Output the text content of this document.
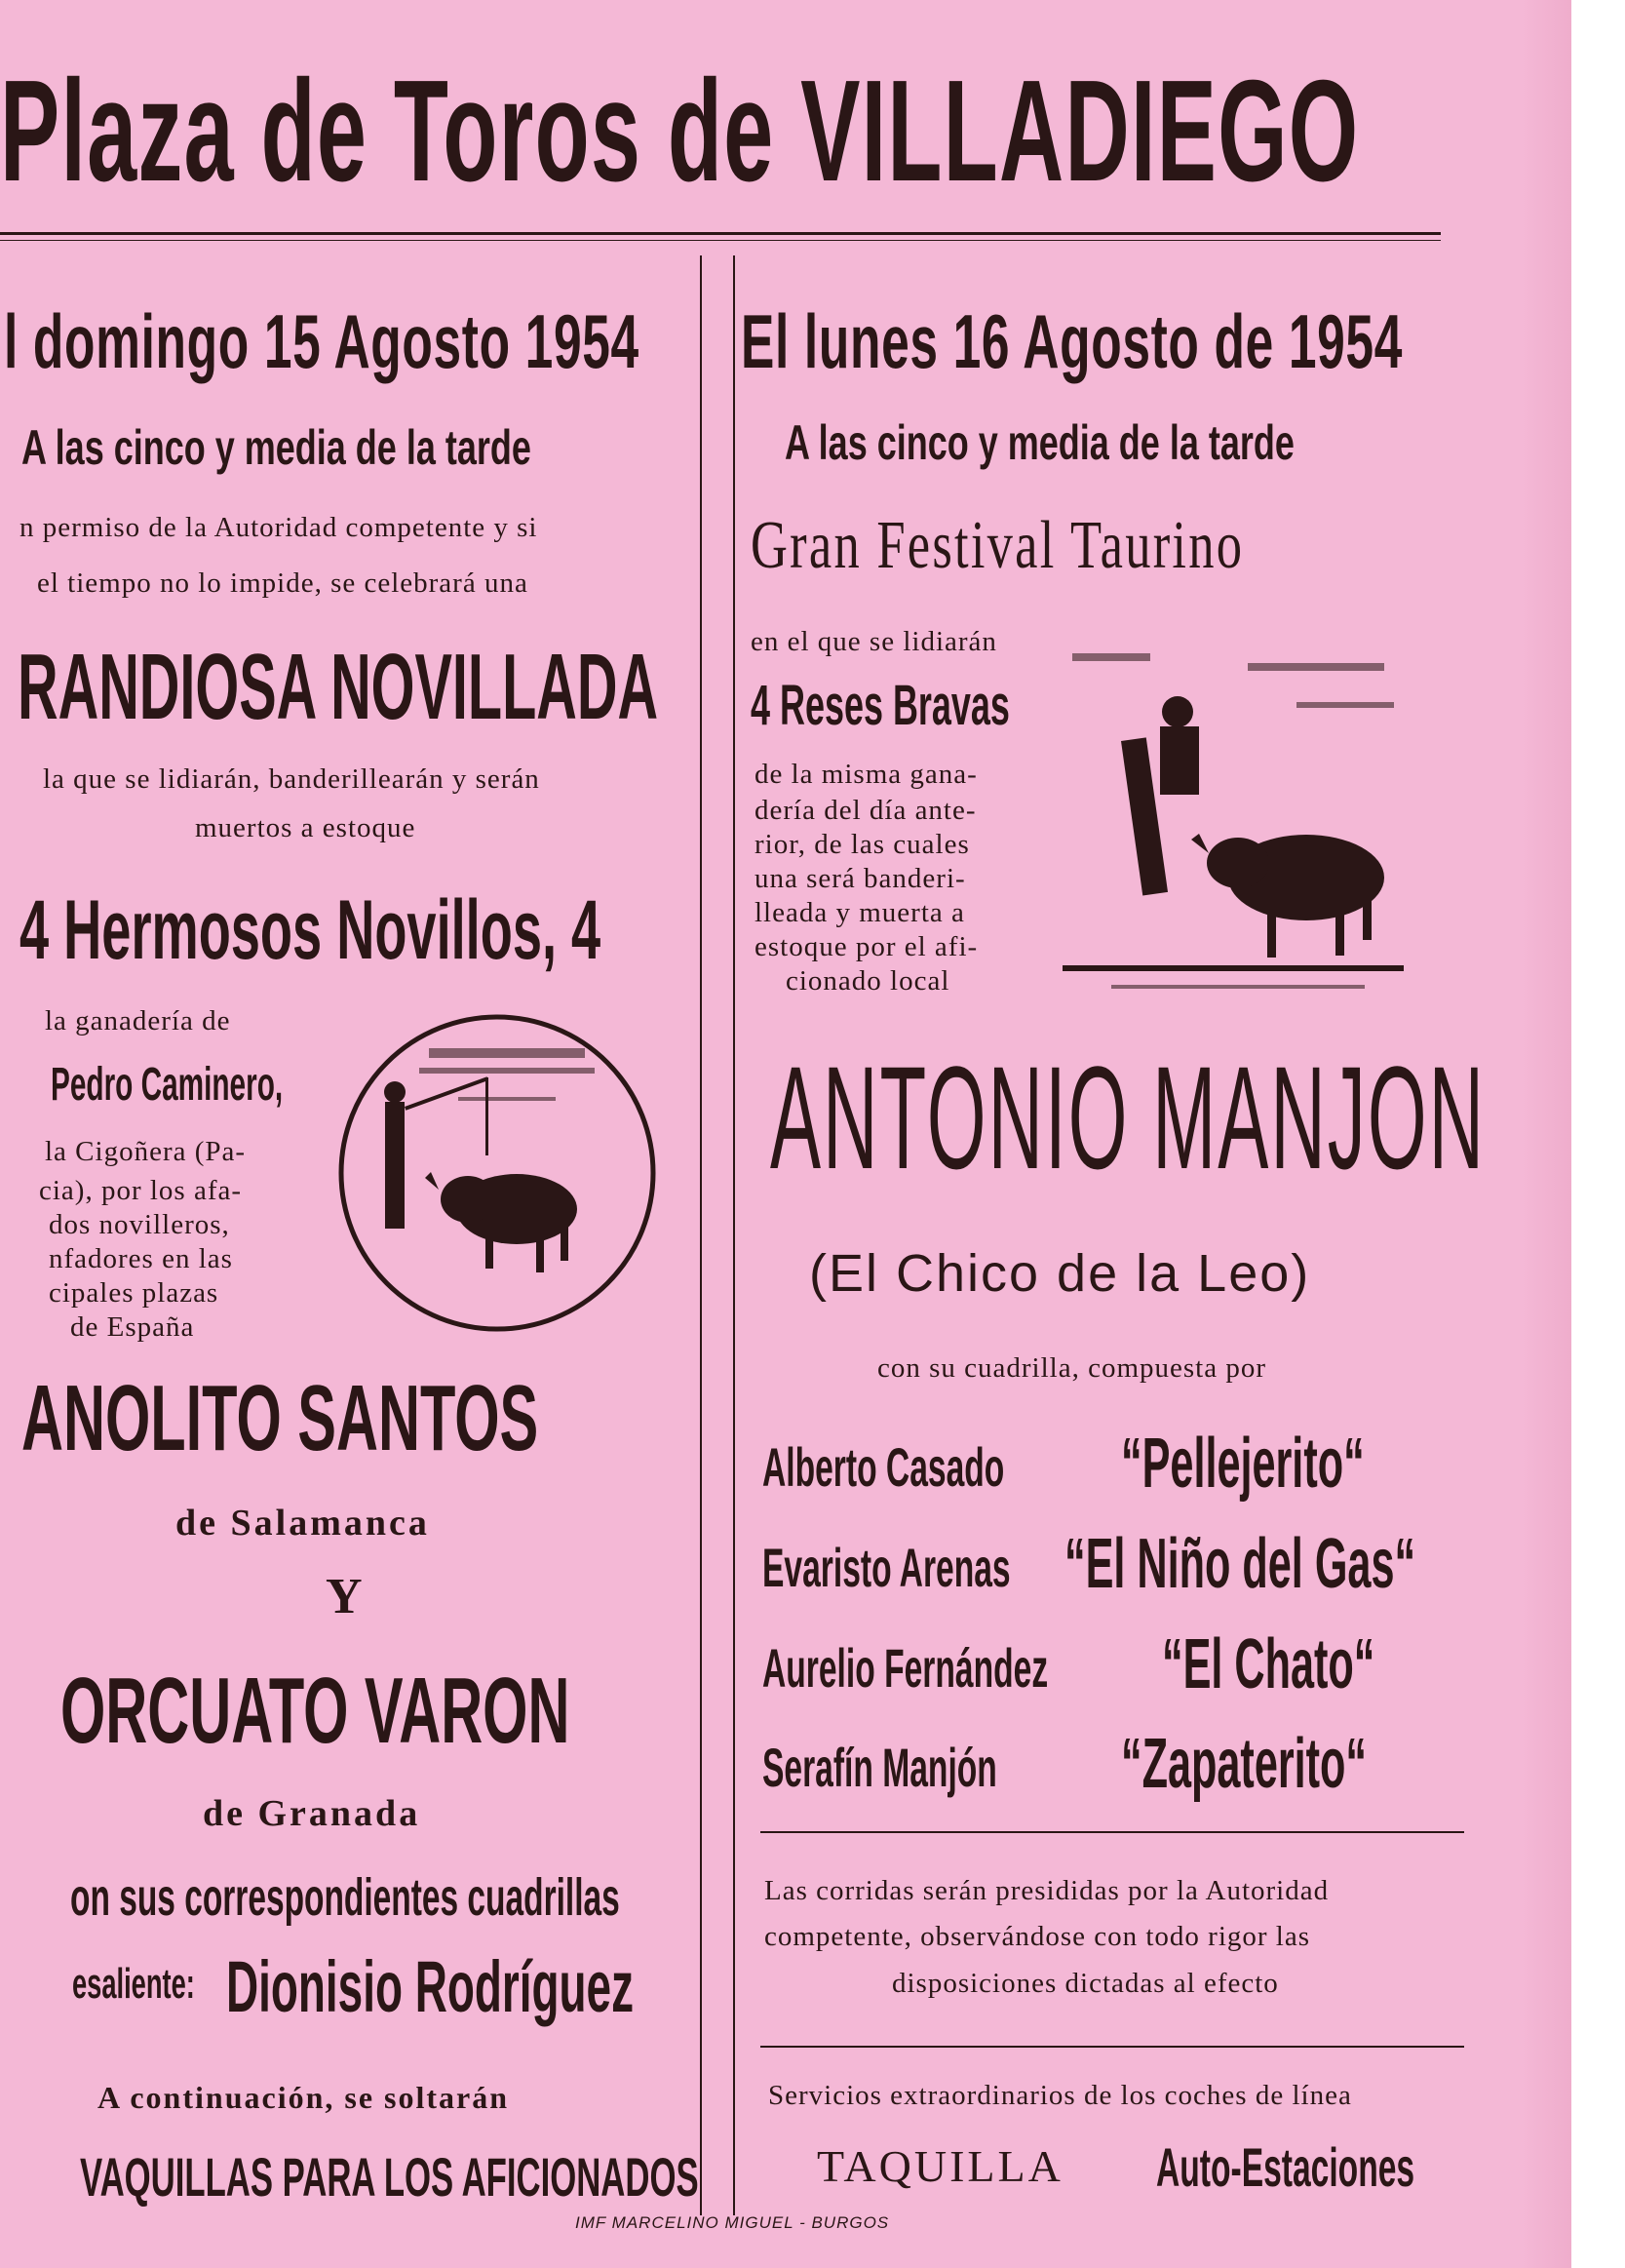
Plaza de Toros de VILLADIEGO
l domingo 15 Agosto 1954
A las cinco y media de la tarde
n permiso de la Autoridad competente y si
el tiempo no lo impide, se celebrará una
RANDIOSA NOVILLADA
la que se lidiarán, banderillearán y serán
muertos a estoque
4 Hermosos Novillos, 4
la ganadería de
Pedro Caminero,
la Cigoñera (Pa-
cia), por los afa-
dos novilleros,
nfadores en las
cipales plazas
de España
ANOLITO SANTOS
de Salamanca
Y
ORCUATO VARON
de Granada
on sus correspondientes cuadrillas
esaliente: Dionisio Rodríguez
A continuación, se soltarán
VAQUILLAS PARA LOS AFICIONADOS
El lunes 16 Agosto de 1954
A las cinco y media de la tarde
Gran Festival Taurino
en el que se lidiarán
4 Reses Bravas
de la misma gana-
dería del día ante-
rior, de las cuales
una será banderi-
lleada y muerta a
estoque por el afi-
cionado local
ANTONIO MANJON
(El Chico de la Leo)
con su cuadrilla, compuesta por
Alberto Casado “Pellejerito“
Evaristo Arenas “El Niño del Gas“
Aurelio Fernández “El Chato“
Serafín Manjón “Zapaterito“
Las corridas serán presididas por la Autoridad
competente, observándose con todo rigor las
disposiciones dictadas al efecto
Servicios extraordinarios de los coches de línea
TAQUILLA Auto-Estaciones
IMF MARCELINO MIGUEL - BURGOS
